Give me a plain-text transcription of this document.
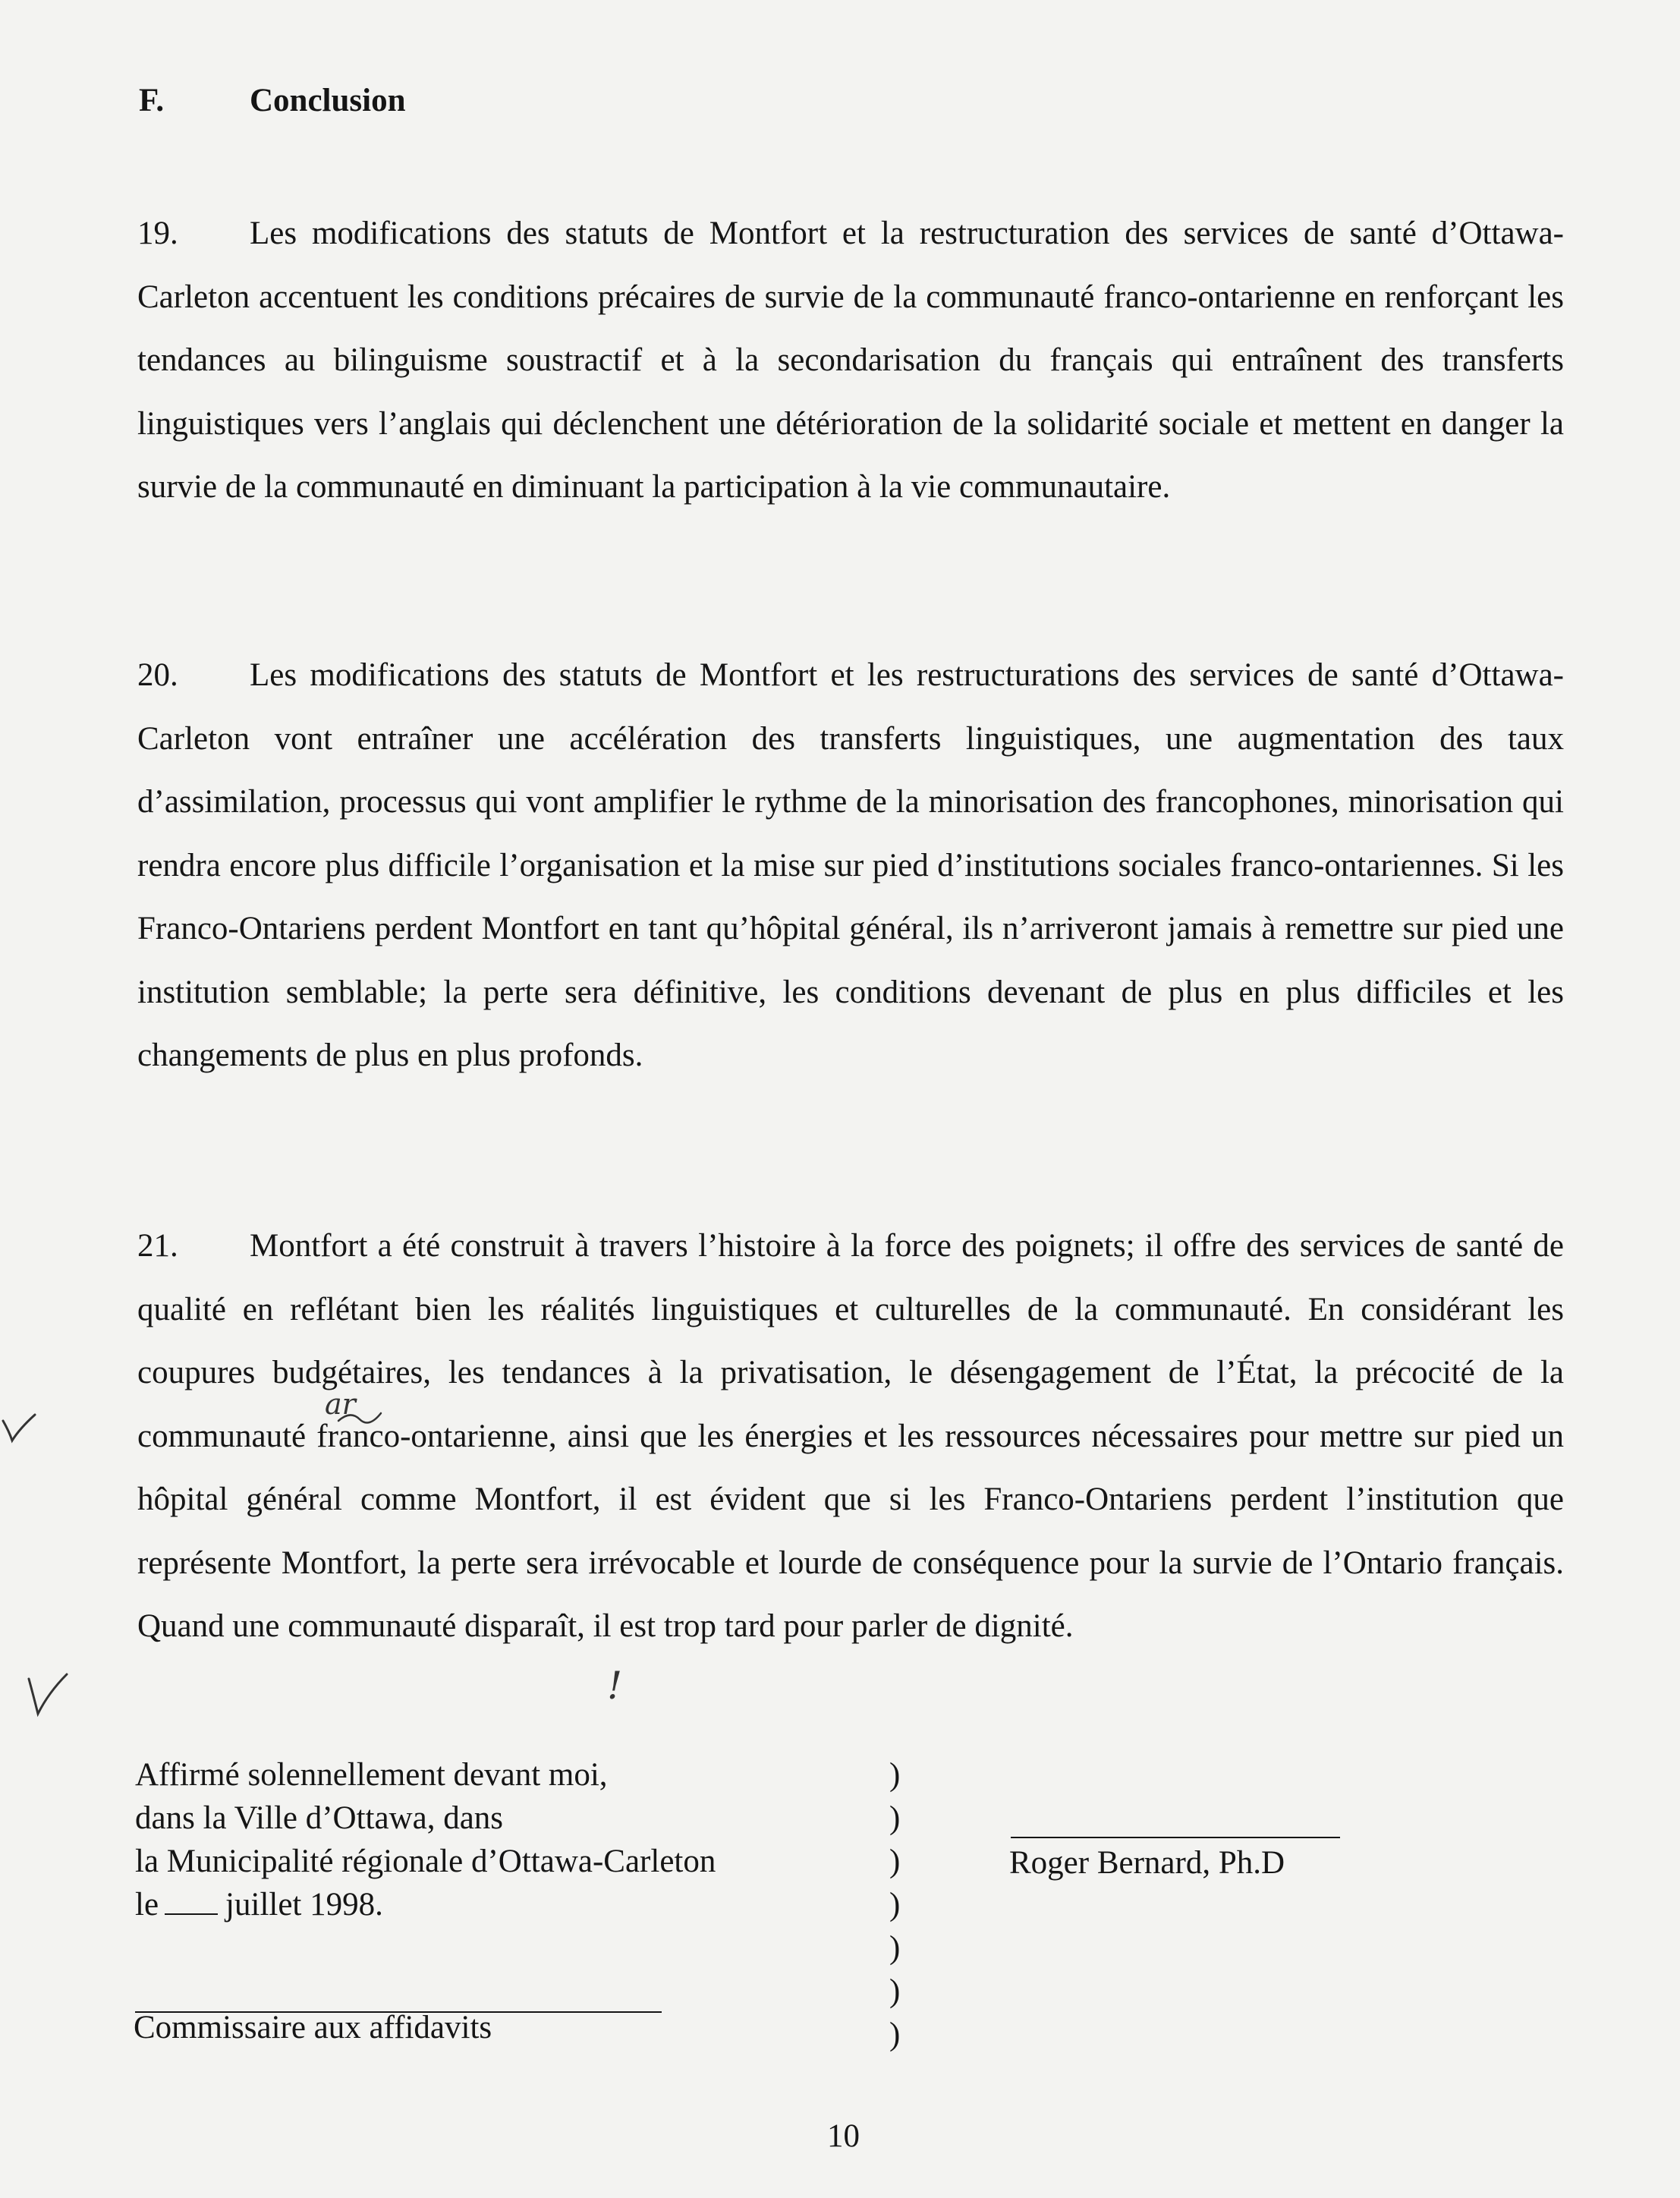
F.	Conclusion
19. Les modifications des statuts de Montfort et la restructuration des services de santé d’Ottawa-Carleton accentuent les conditions précaires de survie de la communauté franco-ontarienne en renforçant les tendances au bilinguisme soustractif et à la secondarisation du français qui entraînent des transferts linguistiques vers l’anglais qui déclenchent une détérioration de la solidarité sociale et mettent en danger la survie de la communauté en diminuant la participation à la vie communautaire.
20. Les modifications des statuts de Montfort et les restructurations des services de santé d’Ottawa-Carleton vont entraîner une accélération des transferts linguistiques, une augmentation des taux d’assimilation, processus qui vont amplifier le rythme de la minorisation des francophones, minorisation qui rendra encore plus difficile l’organisation et la mise sur pied d’institutions sociales franco-ontariennes. Si les Franco-Ontariens perdent Montfort en tant qu’hôpital général, ils n’arriveront jamais à remettre sur pied une institution semblable; la perte sera définitive, les conditions devenant de plus en plus difficiles et les changements de plus en plus profonds.
21. Montfort a été construit à travers l’histoire à la force des poignets; il offre des services de santé de qualité en reflétant bien les réalités linguistiques et culturelles de la communauté. En considérant les coupures budgétaires, les tendances à la privatisation, le désengagement de l’État, la précocité de la communauté franco-ontarienne, ainsi que les énergies et les ressources nécessaires pour mettre sur pied un hôpital général comme Montfort, il est évident que si les Franco-Ontariens perdent l’institution que représente Montfort, la perte sera irrévocable et lourde de conséquence pour la survie de l’Ontario français. Quand une communauté disparaît, il est trop tard pour parler de dignité.
Affirmé solennellement devant moi,
dans la Ville d’Ottawa, dans
la Municipalité régionale d’Ottawa-Carleton
le juillet 1998.
)
)
)
)
)
)
)
Roger Bernard, Ph.D
Commissaire aux affidavits
10
ar
!
